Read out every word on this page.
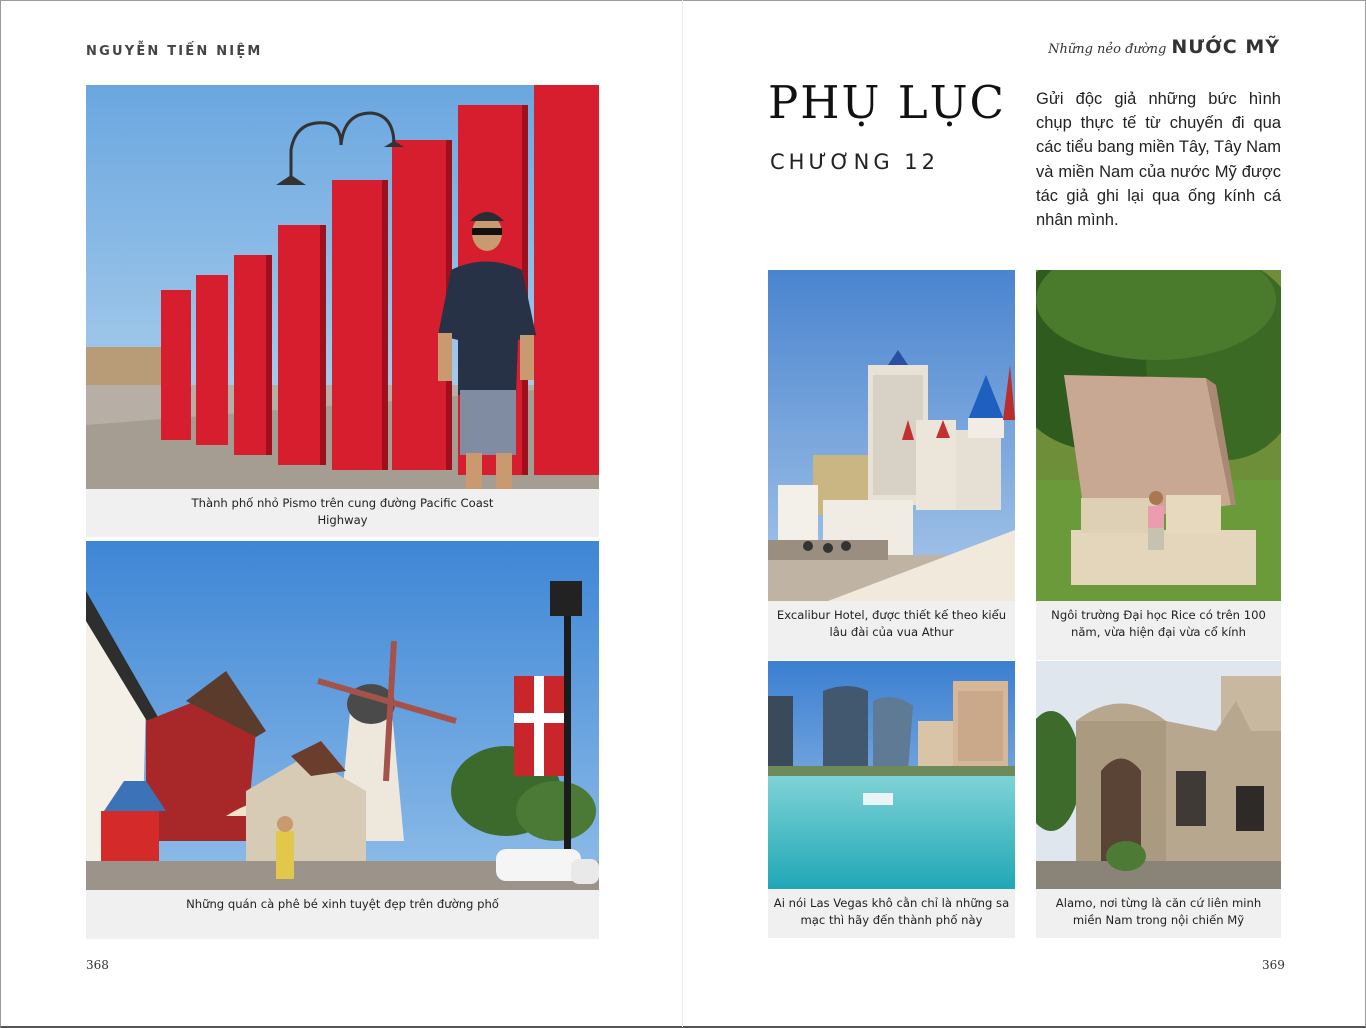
NGUYỄN TIẾN NIỆM	Những nẻo đường NƯỚC MỸ
Thành phố nhỏ Pismo trên cung đường Pacific Coast Highway
Những quán cà phê bé xinh tuyệt đẹp trên đường phố
PHỤ LỤC
CHƯƠNG 12
Gửi độc giả những bức hình chụp thực tế từ chuyến đi qua các tiểu bang miền Tây, Tây Nam và miền Nam của nước Mỹ được tác giả ghi lại qua ống kính cá nhân mình.
Excalibur Hotel, được thiết kế theo kiểu lâu đài của vua Athur
Ngôi trường Đại học Rice có trên 100 năm, vừa hiện đại vừa cổ kính
Ai nói Las Vegas khô cằn chỉ là những sa mạc thì hãy đến thành phố này
Alamo, nơi từng là căn cứ liên minh miền Nam trong nội chiến Mỹ
368	369
